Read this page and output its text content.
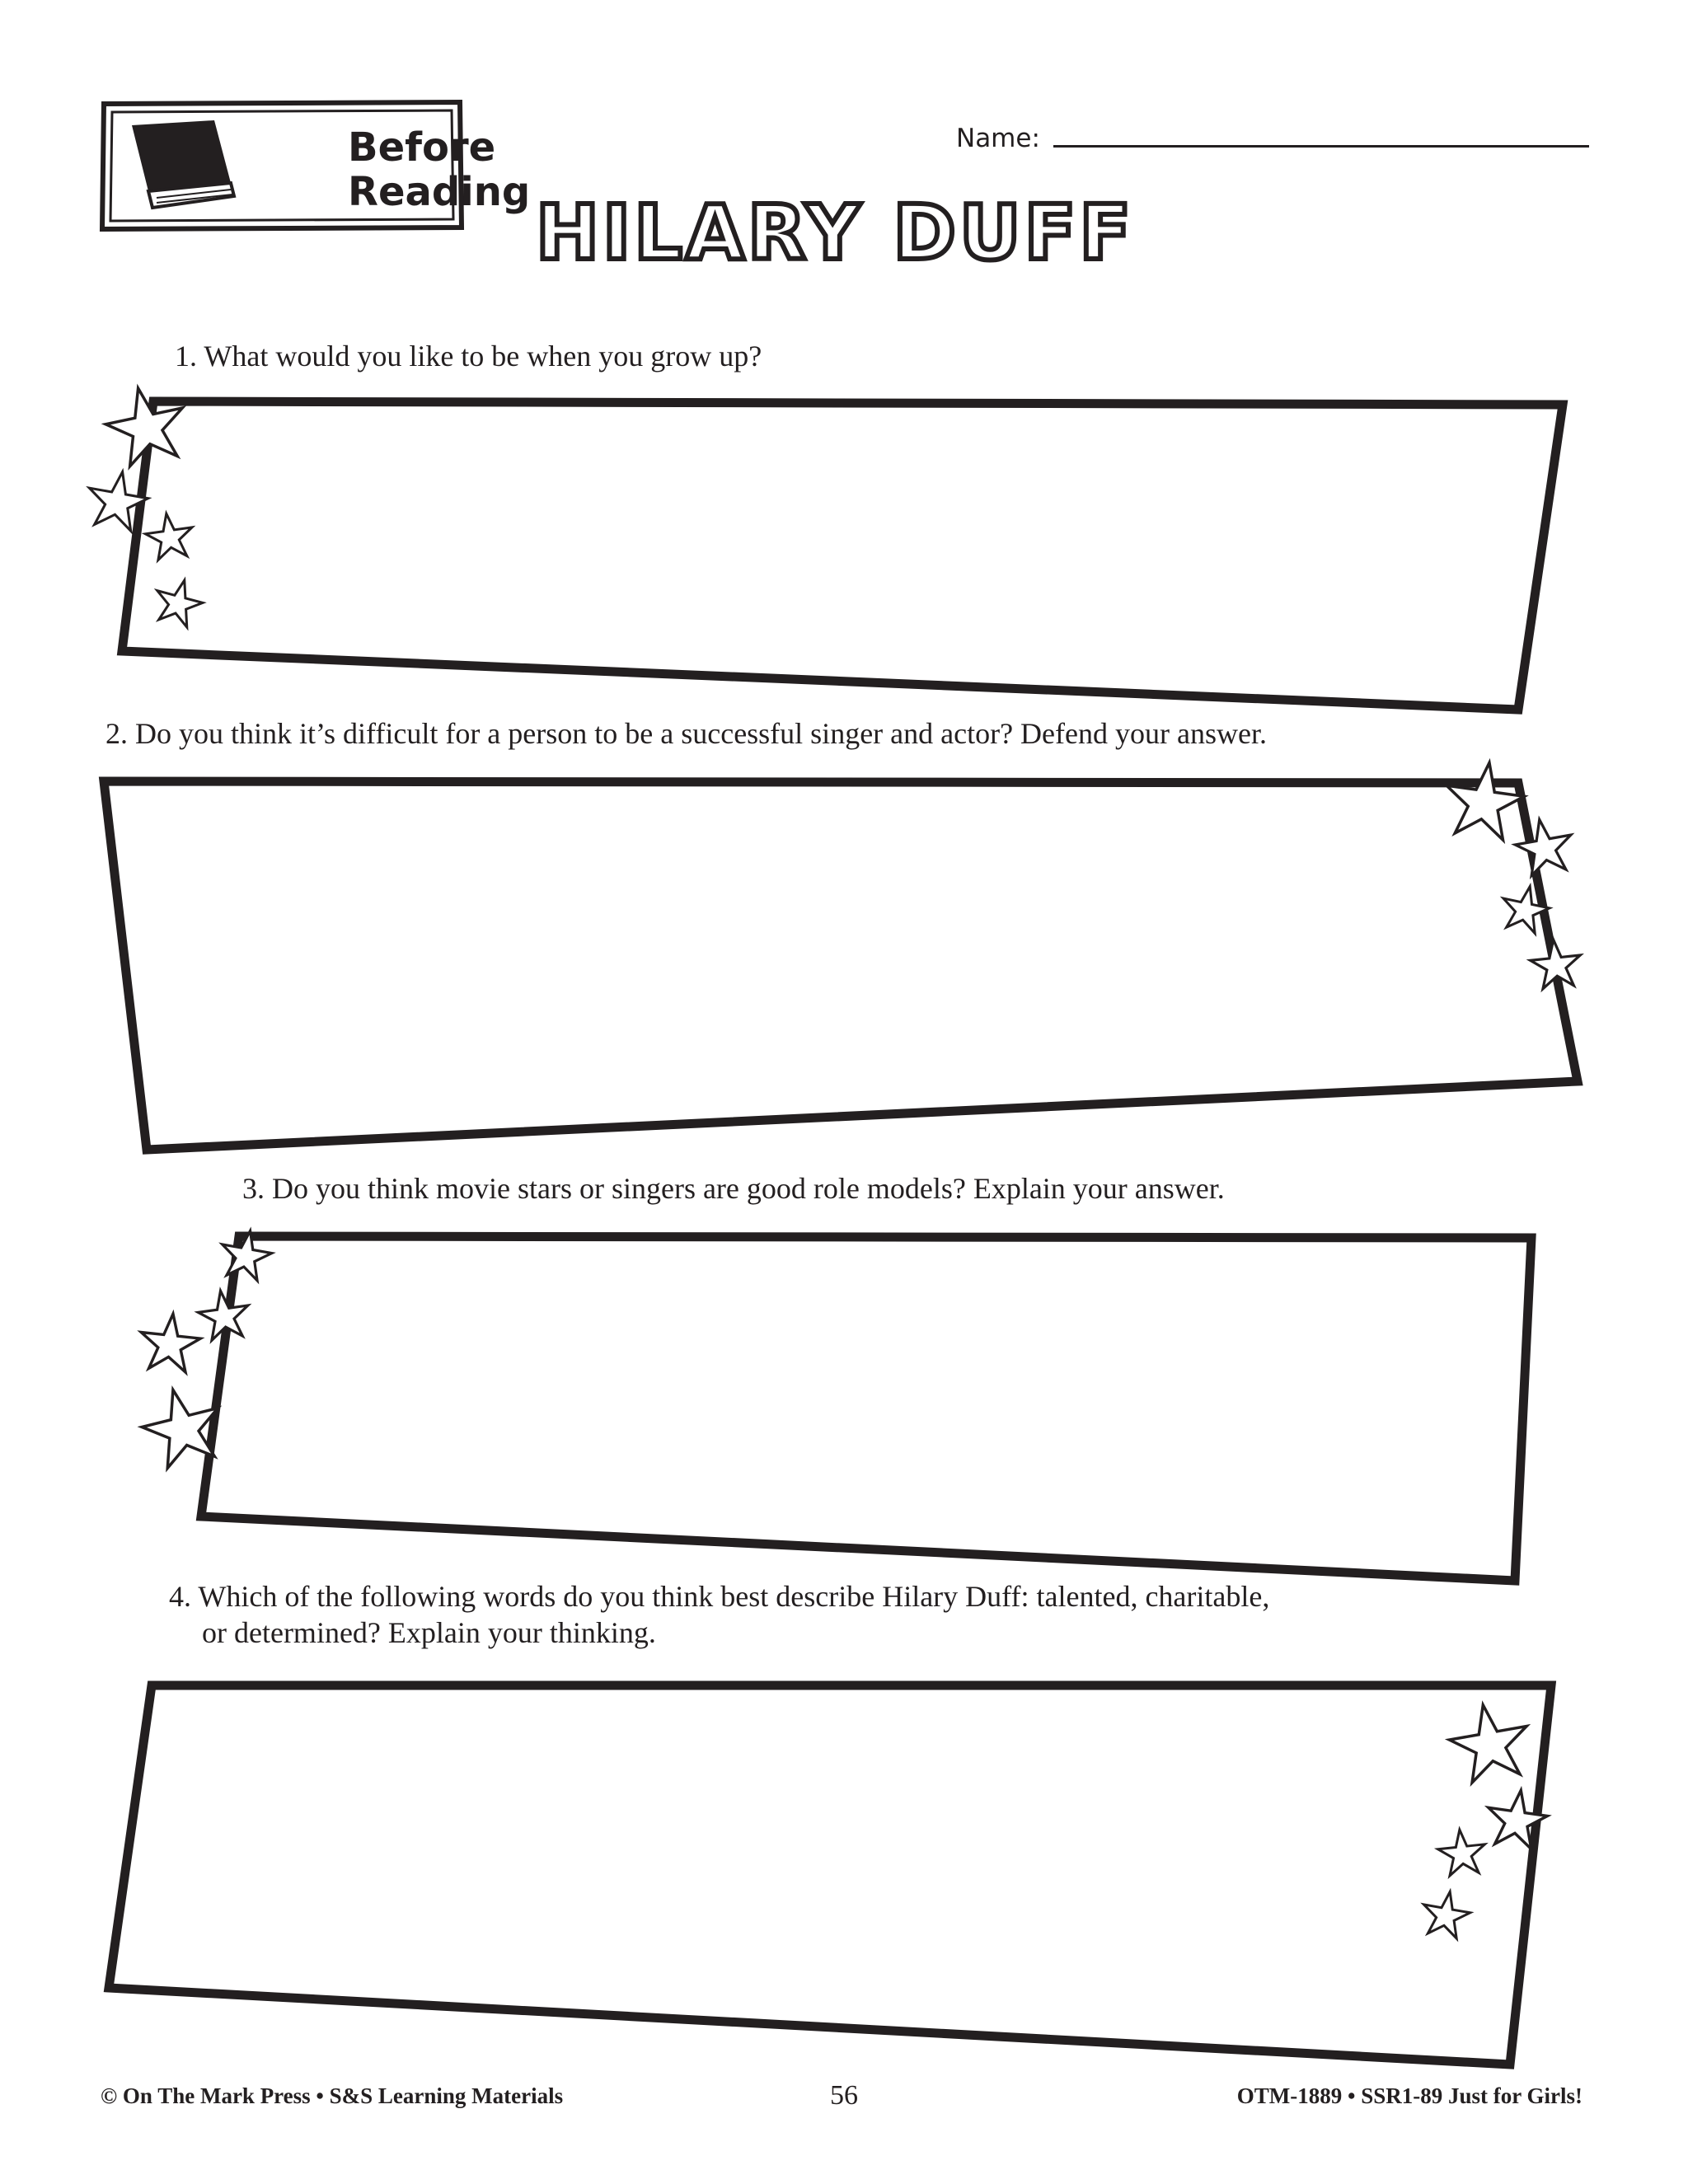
Before
Reading
Name:
HILARY DUFF
1. What would you like to be when you grow up?
2. Do you think it’s difficult for a person to be a successful singer and actor? Defend your answer.
3. Do you think movie stars or singers are good role models? Explain your answer.
4. Which of the following words do you think best describe Hilary Duff: talented, charitable,
or determined? Explain your thinking.
© On The Mark Press • S&S Learning Materials	56	OTM-1889 • SSR1-89 Just for Girls!
